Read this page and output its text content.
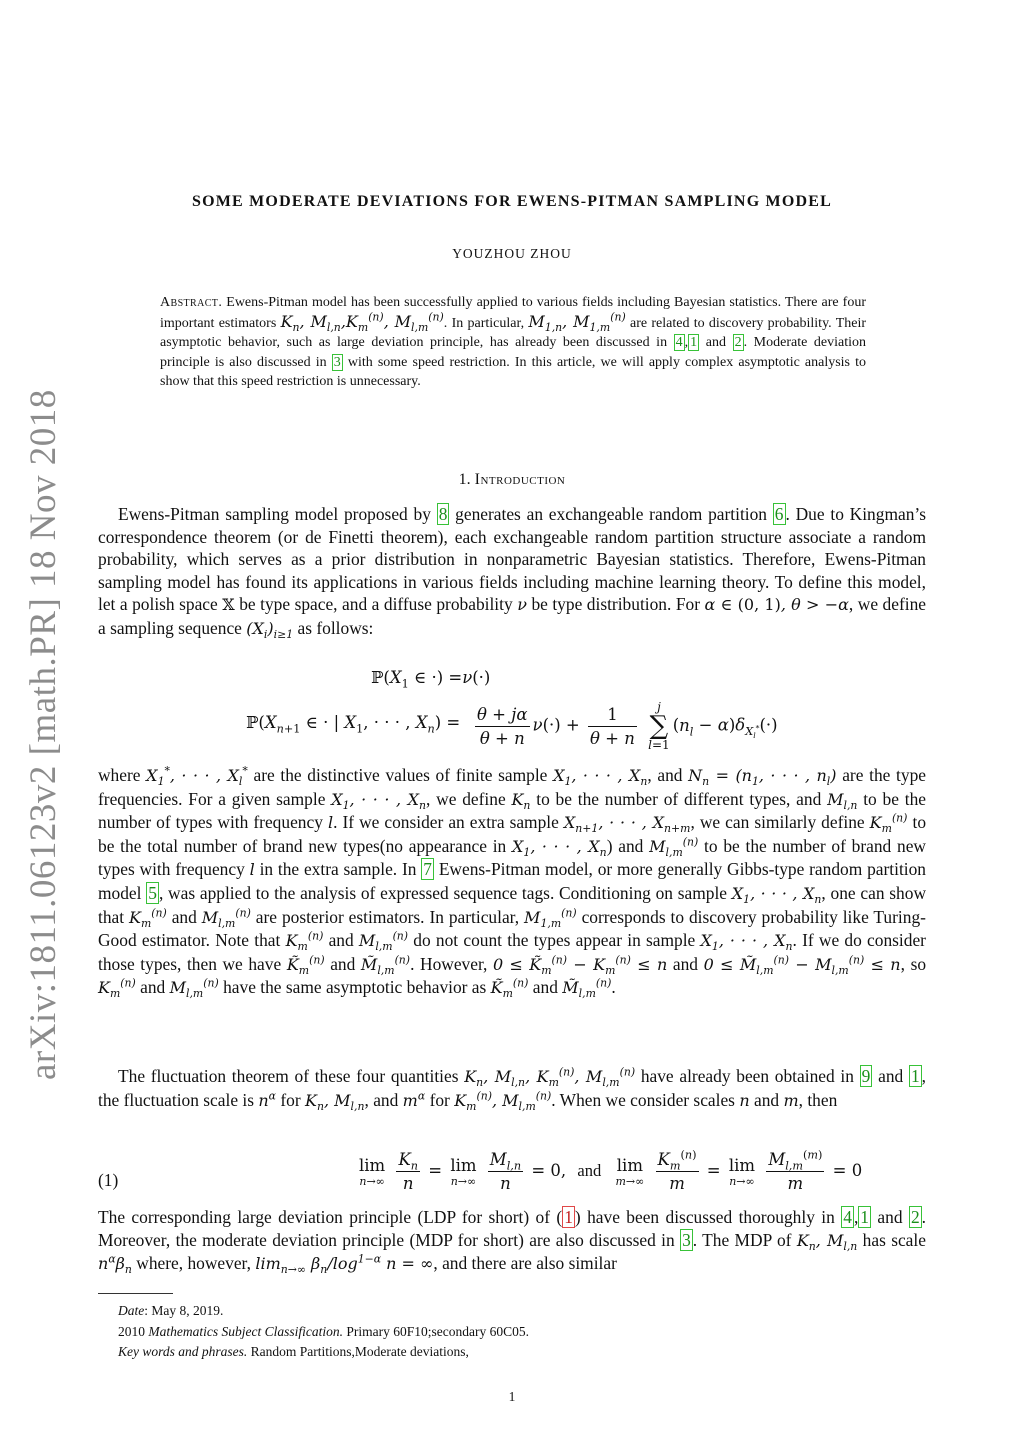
arXiv:1811.06123v2 [math.PR] 18 Nov 2018
SOME MODERATE DEVIATIONS FOR EWENS-PITMAN SAMPLING MODEL
YOUZHOU ZHOU
Abstract. Ewens-Pitman model has been successfully applied to various fields including Bayesian statistics. There are four important estimators $K_n$, $M_{l,n},K_m^{(n)}$, $M_{l,m}^{(n)}$. In particular, $M_{1,n}$, $M_{1,m}^{(n)}$ are related to discovery probability. Their asymptotic behavior, such as large deviation principle, has already been discussed in 4 , 1 and 2 . Moderate deviation principle is also discussed in 3 with some speed restriction. In this article, we will apply complex asymptotic analysis to show that this speed restriction is unnecessary.
1. Introduction
Ewens-Pitman sampling model proposed by 8 generates an exchangeable random partition 6 . Due to Kingman’s correspondence theorem (or de Finetti theorem), each exchangeable random partition structure associate a random probability, which serves as a prior distribution in nonparametric Bayesian statistics. Therefore, Ewens-Pitman sampling model has found its applications in various fields including machine learning theory. To define this model, let a polish space 𝕏 be type space, and a diffuse probability ν be type distribution. For α ∈ (0, 1), θ > −α, we define a sampling sequence $(X_i)_{i\ge 1}$ as follows:
$ℙ(X_1$ ∈ ·) =ν(·)
$ℙ(X_{n+1}$ ∈ · | $X_1$, · · · , $X_n) = \frac{\theta + j\alpha}{\theta + n} \nu(\cdot) + \frac{1}{\theta + n}$ j
∑
$l=1(n_l - \alpha)\delta_{X_l^*}(\cdot)$
where $X_1^*$, · · · , $X_l^*$ are the distinctive values of finite sample $X_1$, · · · , $X_n$, and $N_n = (n_1$, · · · , $n_l$) are the type frequencies. For a given sample $X_1$, · · · , $X_n$, we define $K_n$ to be the number of different types, and $M_{l,n}$ to be the number of types with frequency l. If we consider an extra sample $X_{n+1}$, · · · , $X_{n+m}$, we can similarly define $K_m^{(n)}$ to be the total number of brand new types(no appearance in $X_1$, · · · , $X_n$) and $M_{l,m}^{(n)}$ to be the number of brand new types with frequency l in the extra sample. In 7 Ewens-Pitman model, or more generally Gibbs-type random partition model 5 , was applied to the analysis of expressed sequence tags. Conditioning on sample $X_1$, · · · , $X_n$, one can show that $K_m^{(n)}$ and $M_{l,m}^{(n)}$ are posterior estimators. In particular, $M_{1,m}^{(n)}$ corresponds to discovery probability like Turing-Good estimator. Note that $K_m^{(n)}$ and $M_{l,m}^{(n)}$ do not count the types appear in sample $X_1$, · · · , $X_n$. If we do consider those types, then we have $K̃_m^{(n)}$ and $M̃_{l,m}^{(n)}$. However, $0 \le K̃_m^{(n)} - K_m^{(n)} \le n$ and $0 \le M̃_{l,m}^{(n)} - M_{l,m}^{(n)} \le n$, so $K_m^{(n)}$ and $M_{l,m}^{(n)}$ have the same asymptotic behavior as $K̃_m^{(n)}$ and $M̃_{l,m}^{(n)}$.
The fluctuation theorem of these four quantities $K_n$, $M_{l,n}$, $K_m^{(n)}$, $M_{l,m}^{(n)}$ have already been obtained in 9 and 1 , the fluctuation scale is $n^\alpha$ for $K_n$, $M_{l,n}$, and $m^\alpha$ for $K_m^{(n)}$, $M_{l,m}^{(n)}$. When we consider scales n and m, then
(1)
lim
n→∞
$\frac{K_n}{n} = \lim$
n→∞
$\frac{M_{l,n}}{n} = 0$, and lim
m→∞
$\frac{K_m^{(n)}}{m} = \lim$
n→∞
$\frac{M_{l,m}^{(m)}}{m} = 0$
The corresponding large deviation principle (LDP for short) of ( 1 ) have been discussed thoroughly in 4 , 1 and 2 . Moreover, the moderate deviation principle (MDP for short) are also discussed in 3 . The MDP of $K_n$, $M_{l,n}$ has scale $n^\alpha\beta_n$ where, however, $\lim_{n\to\infty} \beta_n/\log^{1-\alpha}$ n = ∞, and there are also similar
Date: May 8, 2019.
2010 Mathematics Subject Classification. Primary 60F10;secondary 60C05.
Key words and phrases. Random Partitions,Moderate deviations,
1
